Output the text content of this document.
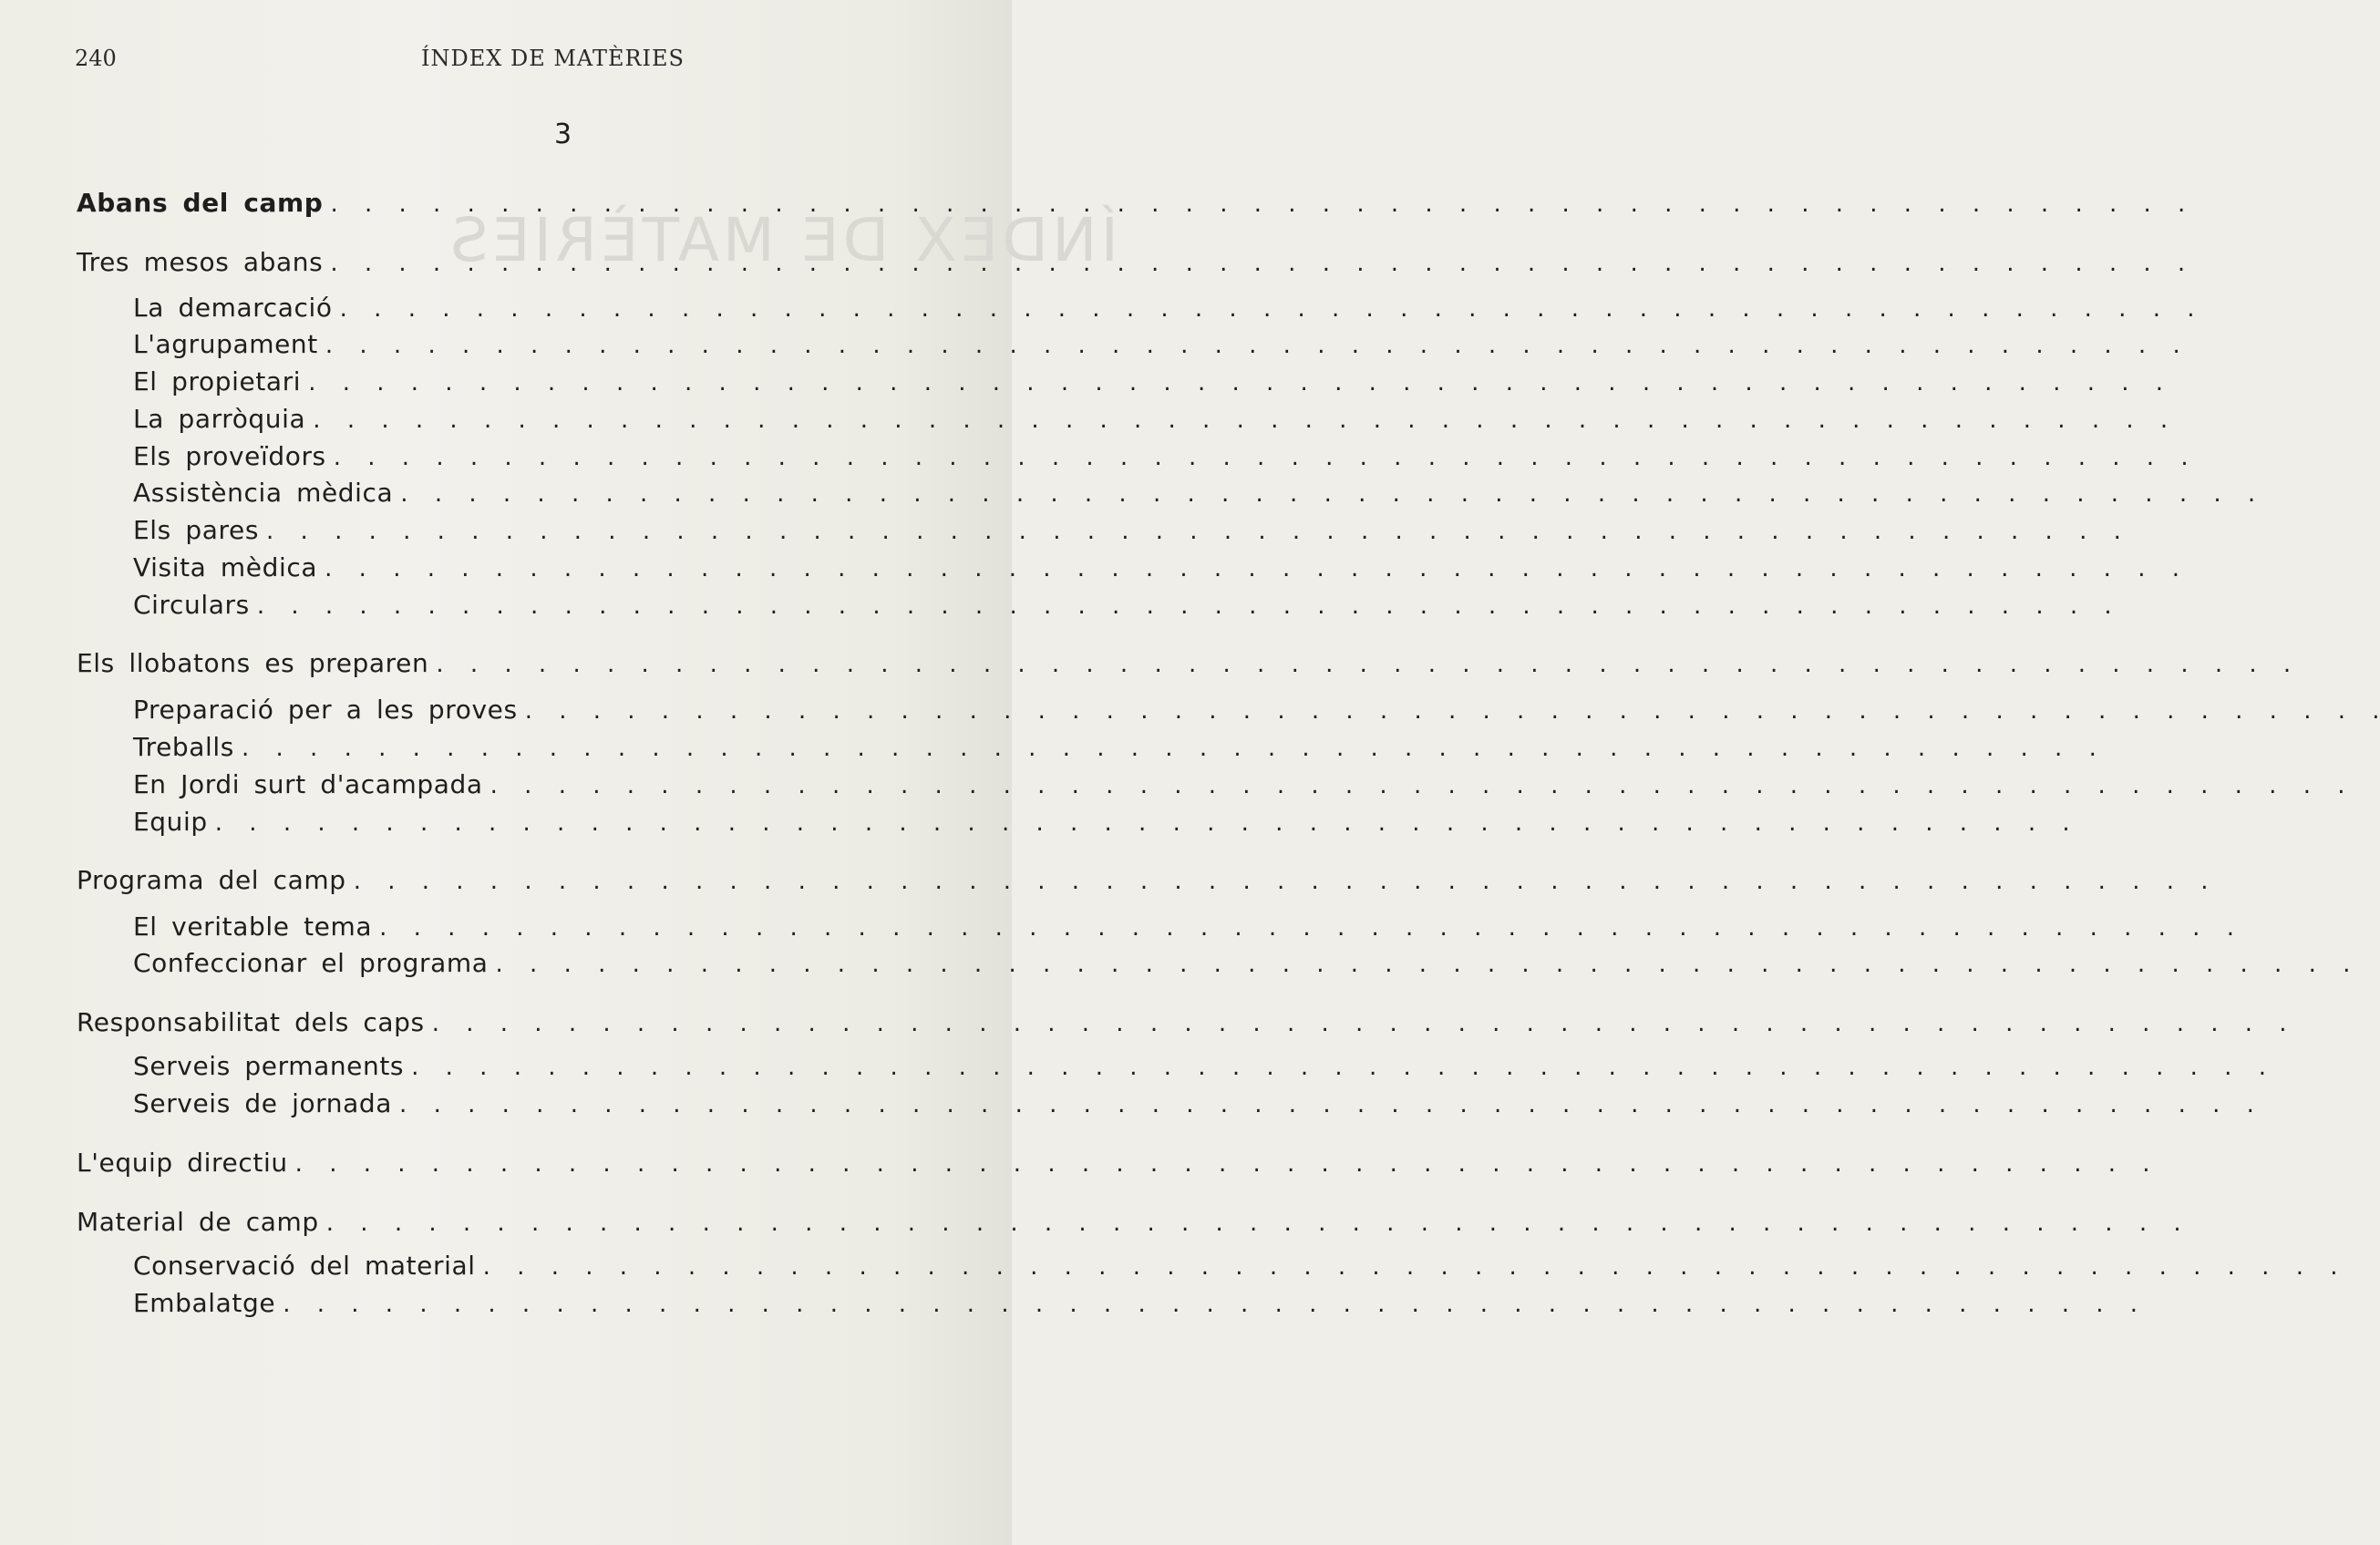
ÍNDEX DE MATÈRIES
240	ÍNDEX DE MATÈRIES
3
Abans del camp
. . .
Tres mesos abans
. . .
La demarcació
. . .
L'agrupament
. . .
El propietari
. . .
La parròquia
. . .
Els proveïdors
. . .
Assistència mèdica
. . .
Els pares
. . .
Visita mèdica
. . .
Circulars
. . .
Els llobatons es preparen
. . .
Preparació per a les proves
. . .
Treballs
. . .
En Jordi surt d'acampada
. . .
Equip
. . .
Programa del camp
. . .
El veritable tema
. . .
Confeccionar el programa
. . .
Responsabilitat dels caps
. . .
Serveis permanents
. . .
Serveis de jornada
. . .
L'equip directiu
. . .
Material de camp
. . .
Conservació del material
. . .
Embalatge
. . .
